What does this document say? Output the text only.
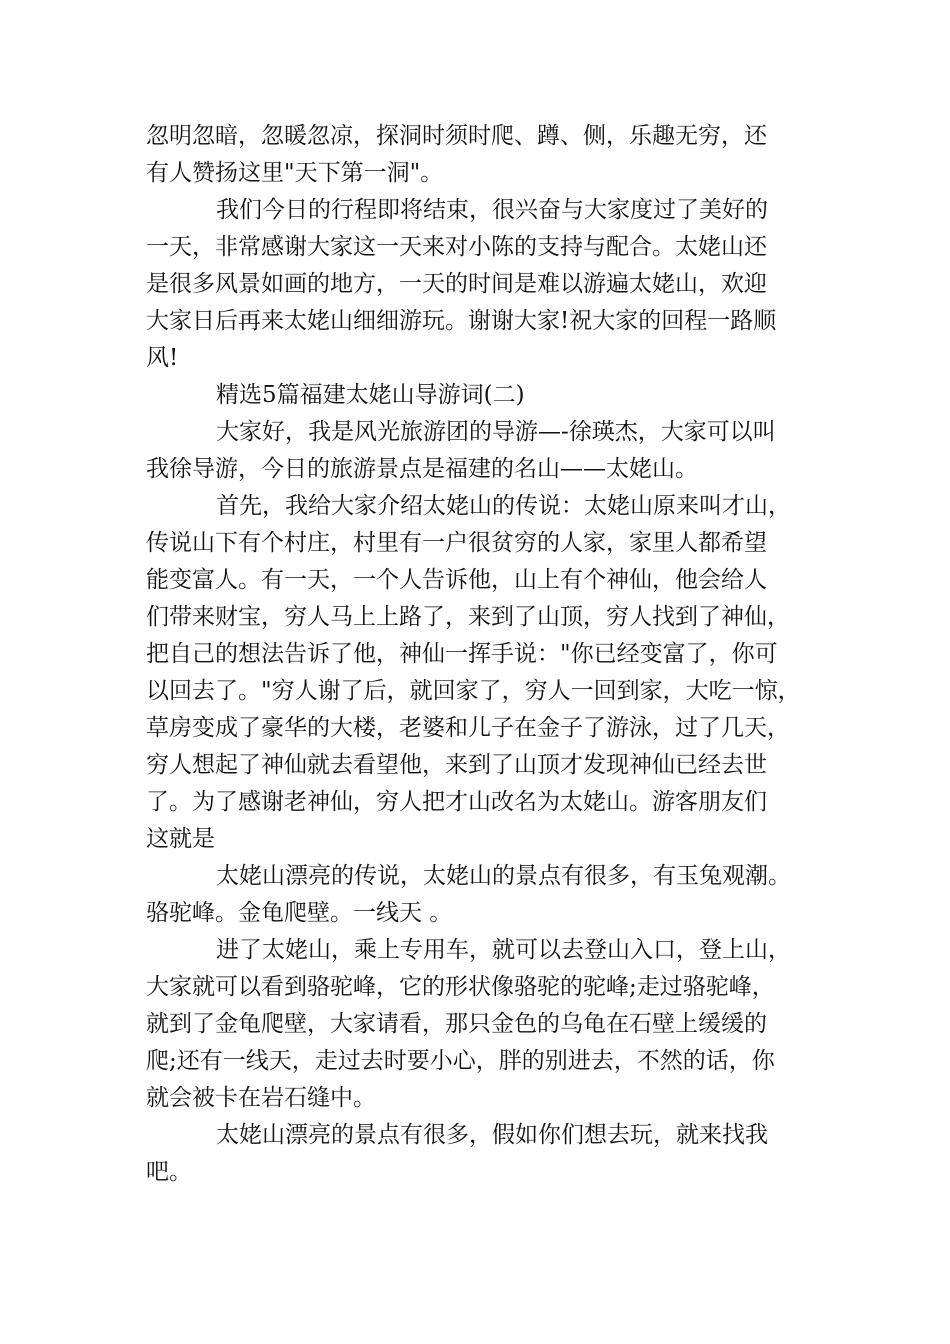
忽明忽暗，忽暖忽凉，探洞时须时爬、蹲、侧，乐趣无穷，还
有人赞扬这里"天下第一洞"。

我们今日的行程即将结束，很兴奋与大家度过了美好的
一天，非常感谢大家这一天来对小陈的支持与配合。太姥山还
是很多风景如画的地方，一天的时间是难以游遍太姥山，欢迎
大家日后再来太姥山细细游玩。谢谢大家!祝大家的回程一路顺
风!

精选5篇福建太姥山导游词(二)

大家好，我是风光旅游团的导游—-徐瑛杰，大家可以叫
我徐导游，今日的旅游景点是福建的名山——太姥山。

首先，我给大家介绍太姥山的传说：太姥山原来叫才山，
传说山下有个村庄，村里有一户很贫穷的人家，家里人都希望
能变富人。有一天，一个人告诉他，山上有个神仙，他会给人
们带来财宝，穷人马上上路了，来到了山顶，穷人找到了神仙，
把自己的想法告诉了他，神仙一挥手说："你已经变富了，你可
以回去了。"穷人谢了后，就回家了，穷人一回到家，大吃一惊，
草房变成了豪华的大楼，老婆和儿子在金子了游泳，过了几天，
穷人想起了神仙就去看望他，来到了山顶才发现神仙已经去世
了。为了感谢老神仙，穷人把才山改名为太姥山。游客朋友们
这就是

太姥山漂亮的传说，太姥山的景点有很多，有玉兔观潮。
骆驼峰。金龟爬壁。一线天 。

进了太姥山，乘上专用车，就可以去登山入口，登上山，
大家就可以看到骆驼峰，它的形状像骆驼的驼峰;走过骆驼峰，
就到了金龟爬壁，大家请看，那只金色的乌龟在石壁上缓缓的
爬;还有一线天，走过去时要小心，胖的别进去，不然的话，你
就会被卡在岩石缝中。

太姥山漂亮的景点有很多，假如你们想去玩，就来找我
吧。
